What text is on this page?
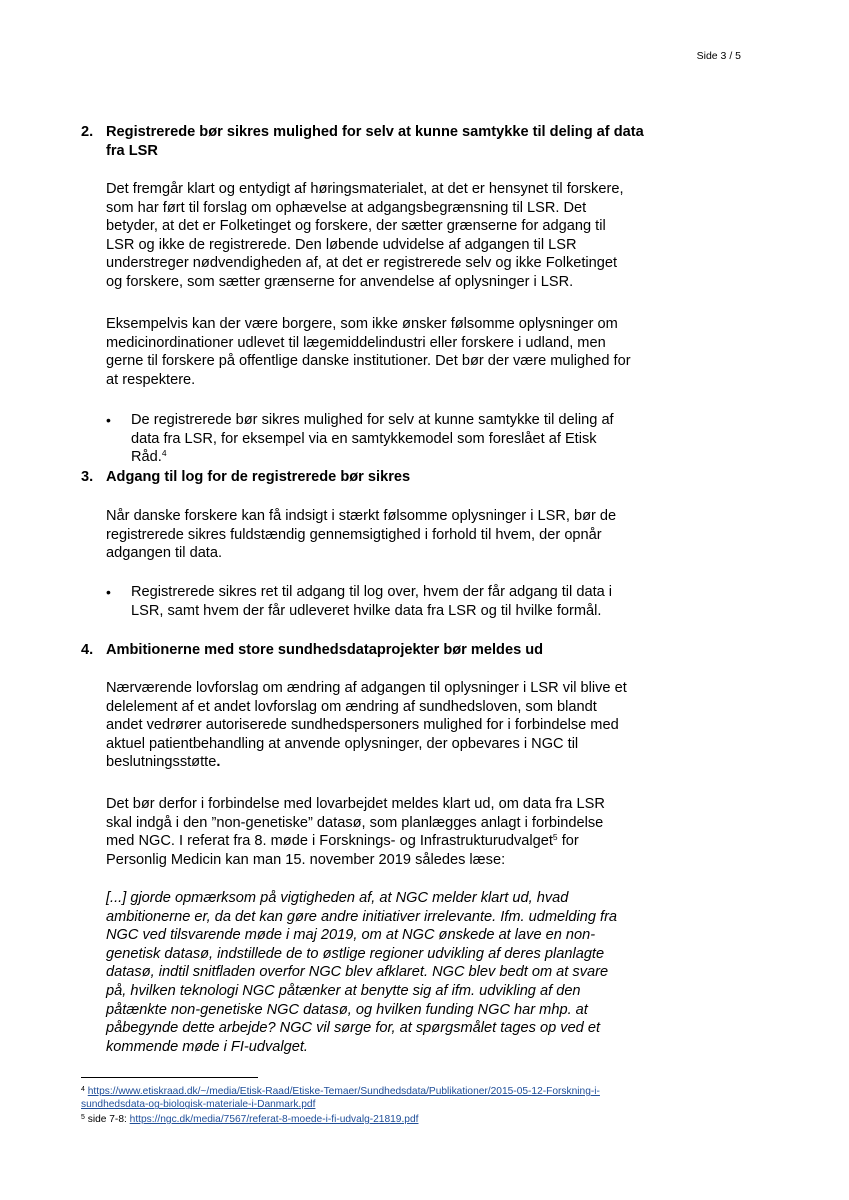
Side 3 / 5
2. Registrerede bør sikres mulighed for selv at kunne samtykke til deling af data fra LSR

Det fremgår klart og entydigt af høringsmaterialet, at det er hensynet til forskere, som har ført til forslag om ophævelse at adgangsbegrænsning til LSR. Det betyder, at det er Folketinget og forskere, der sætter grænserne for adgang til LSR og ikke de registrerede. Den løbende udvidelse af adgangen til LSR understreger nødvendigheden af, at det er registrerede selv og ikke Folketinget og forskere, som sætter grænserne for anvendelse af oplysninger i LSR.

Eksempelvis kan der være borgere, som ikke ønsker følsomme oplysninger om medicinordinationer udlevet til lægemiddelindustri eller forskere i udland, men gerne til forskere på offentlige danske institutioner. Det bør der være mulighed for at respektere.

• De registrerede bør sikres mulighed for selv at kunne samtykke til deling af data fra LSR, for eksempel via en samtykkemodel som foreslået af Etisk Råd.$^4$
3. Adgang til log for de registrerede bør sikres

Når danske forskere kan få indsigt i stærkt følsomme oplysninger i LSR, bør de registrerede sikres fuldstændig gennemsigtighed i forhold til hvem, der opnår adgangen til data.

• Registrerede sikres ret til adgang til log over, hvem der får adgang til data i LSR, samt hvem der får udleveret hvilke data fra LSR og til hvilke formål.
4. Ambitionerne med store sundhedsdataprojekter bør meldes ud

Nærværende lovforslag om ændring af adgangen til oplysninger i LSR vil blive et delelement af et andet lovforslag om ændring af sundhedsloven, som blandt andet vedrører autoriserede sundhedspersoners mulighed for i forbindelse med aktuel patientbehandling at anvende oplysninger, der opbevares i NGC til beslutningsstøtte.

Det bør derfor i forbindelse med lovarbejdet meldes klart ud, om data fra LSR skal indgå i den ”non-genetiske” datasø, som planlægges anlagt i forbindelse med NGC. I referat fra 8. møde i Forsknings- og Infrastrukturudvalget$^5$ for Personlig Medicin kan man 15. november 2019 således læse:

[...] gjorde opmærksom på vigtigheden af, at NGC melder klart ud, hvad ambitionerne er, da det kan gøre andre initiativer irrelevante. Ifm. udmelding fra NGC ved tilsvarende møde i maj 2019, om at NGC ønskede at lave en non-genetisk datasø, indstillede de to østlige regioner udvikling af deres planlagte datasø, indtil snitfladen overfor NGC blev afklaret. NGC blev bedt om at svare på, hvilken teknologi NGC påtænker at benytte sig af ifm. udvikling af den påtænkte non-genetiske NGC datasø, og hvilken funding NGC har mhp. at påbegynde dette arbejde? NGC vil sørge for, at spørgsmålet tages op ved et kommende møde i FI-udvalget.

$^4$ https://www.etiskraad.dk/~/media/Etisk-Raad/Etiske-Temaer/Sundhedsdata/Publikationer/2015-05-12-Forskning-i-sundhedsdata-og-biologisk-materiale-i-Danmark.pdf
$^5$ side 7-8: https://ngc.dk/media/7567/referat-8-moede-i-fi-udvalg-21819.pdf
